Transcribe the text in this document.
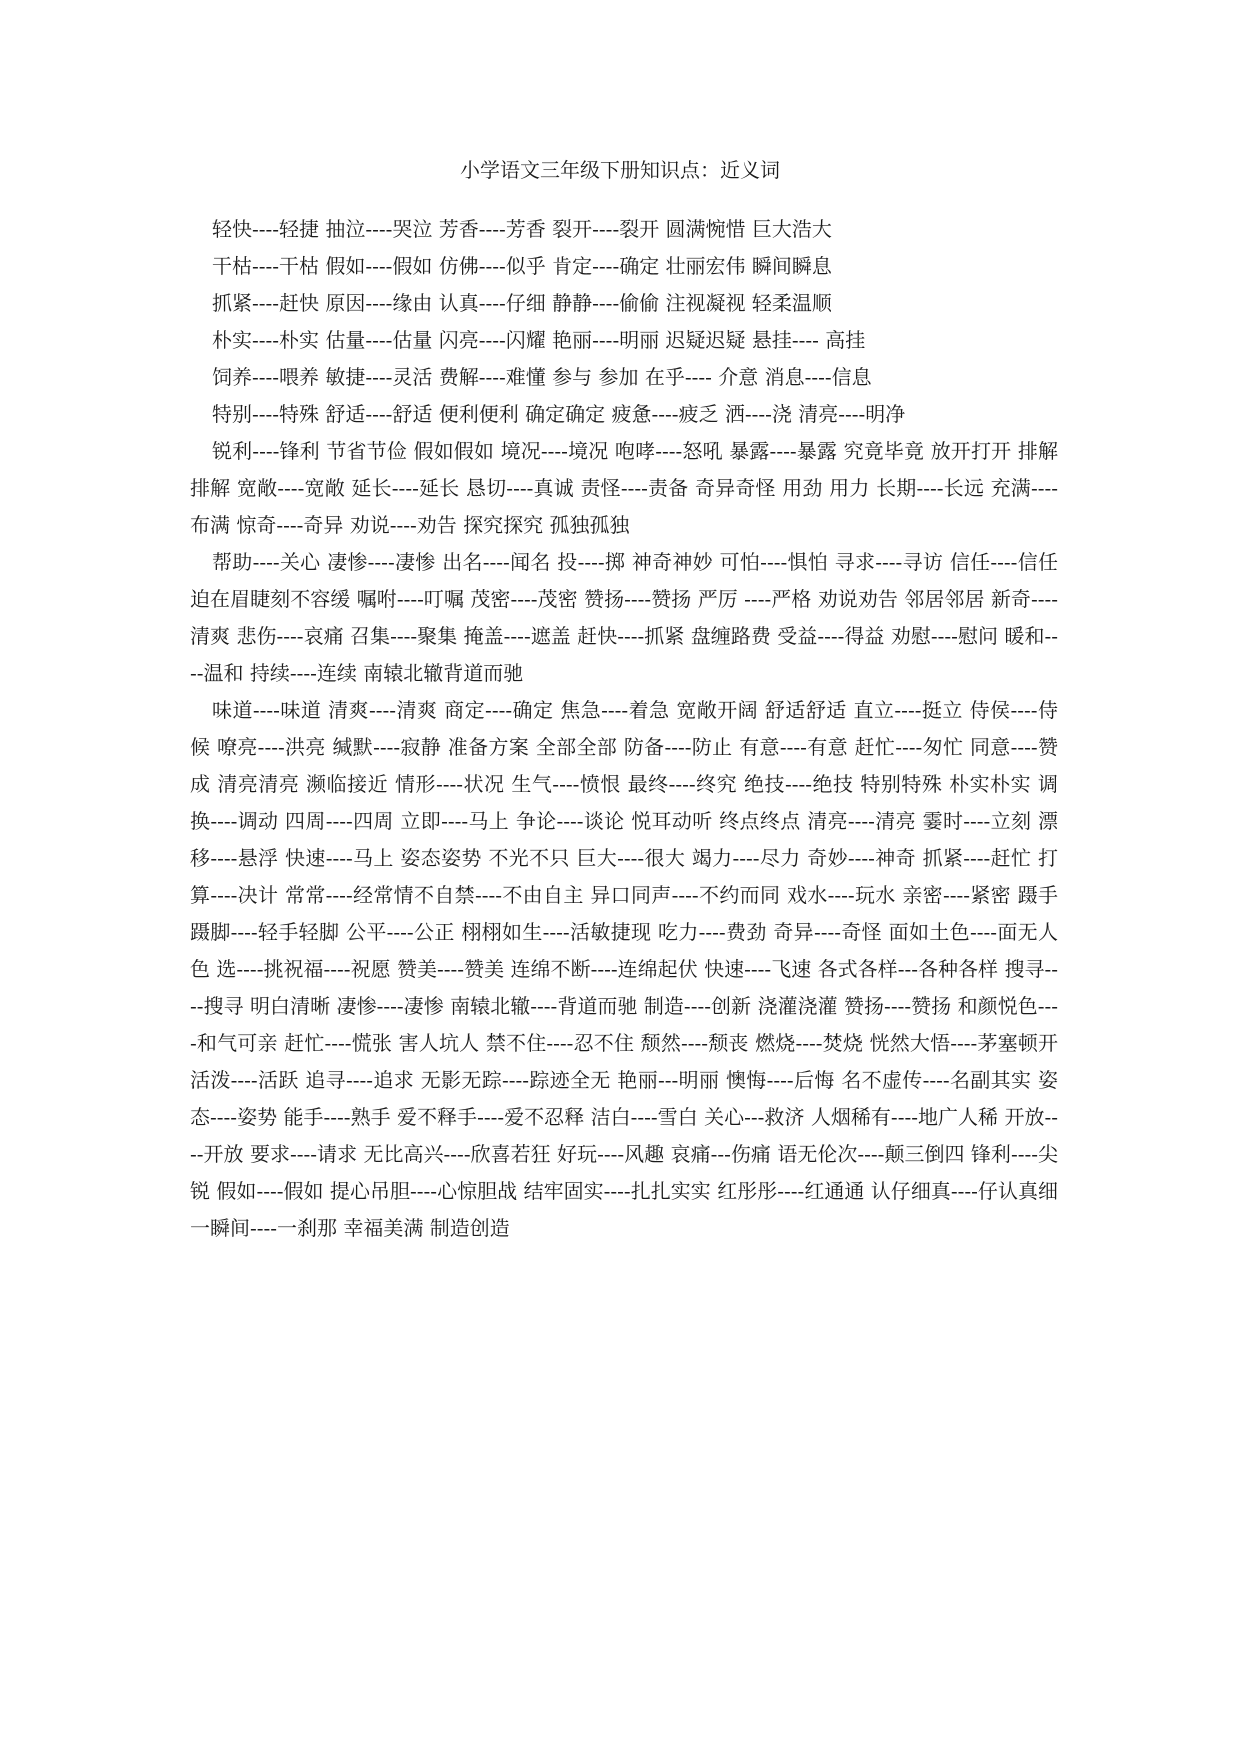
小学语文三年级下册知识点：近义词

轻快----轻捷 抽泣----哭泣 芳香----芳香 裂开----裂开 圆满惋惜 巨大浩大

干枯----干枯 假如----假如 仿佛----似乎 肯定----确定 壮丽宏伟 瞬间瞬息

抓紧----赶快 原因----缘由 认真----仔细 静静----偷偷 注视凝视 轻柔温顺

朴实----朴实 估量----估量 闪亮----闪耀 艳丽----明丽 迟疑迟疑 悬挂---- 高挂

饲养----喂养 敏捷----灵活 费解----难懂 参与 参加 在乎---- 介意 消息----信息

特别----特殊 舒适----舒适 便利便利 确定确定 疲惫----疲乏 洒----浇 清亮----明净

锐利----锋利 节省节俭 假如假如 境况----境况 咆哮----怒吼 暴露----暴露 究竟毕竟 放开打开 排解排解 宽敞----宽敞 延长----延长 恳切----真诚 责怪----责备 奇异奇怪 用劲 用力 长期----长远 充满----布满 惊奇----奇异 劝说----劝告 探究探究 孤独孤独

帮助----关心 凄惨----凄惨 出名----闻名 投----掷 神奇神妙 可怕----惧怕 寻求----寻访 信任----信任 迫在眉睫刻不容缓 嘱咐----叮嘱 茂密----茂密 赞扬----赞扬 严厉 ----严格 劝说劝告 邻居邻居 新奇----清爽 悲伤----哀痛 召集----聚集 掩盖----遮盖 赶快----抓紧 盘缠路费 受益----得益 劝慰----慰问 暖和----温和 持续----连续 南辕北辙背道而驰

味道----味道 清爽----清爽 商定----确定 焦急----着急 宽敞开阔 舒适舒适 直立----挺立 侍侯----侍候 嘹亮----洪亮 缄默----寂静 准备方案 全部全部 防备----防止 有意----有意 赶忙----匆忙 同意----赞成 清亮清亮 濒临接近 情形----状况 生气----愤恨 最终----终究 绝技----绝技 特别特殊 朴实朴实 调换----调动 四周----四周 立即----马上 争论----谈论 悦耳动听 终点终点 清亮----清亮 霎时----立刻 漂移----悬浮 快速----马上 姿态姿势 不光不只 巨大----很大 竭力----尽力 奇妙----神奇 抓紧----赶忙 打算----决计 常常----经常情不自禁----不由自主 异口同声----不约而同 戏水----玩水 亲密----紧密 蹑手蹑脚----轻手轻脚 公平----公正 栩栩如生----活敏捷现 吃力----费劲 奇异----奇怪 面如土色----面无人色 选----挑祝福----祝愿 赞美----赞美 连绵不断----连绵起伏 快速----飞速 各式各样---各种各样 搜寻----搜寻 明白清晰 凄惨----凄惨 南辕北辙----背道而驰 制造----创新 浇灌浇灌 赞扬----赞扬 和颜悦色----和气可亲 赶忙----慌张 害人坑人 禁不住----忍不住 颓然----颓丧 燃烧----焚烧 恍然大悟----茅塞顿开 活泼----活跃 追寻----追求 无影无踪----踪迹全无 艳丽---明丽 懊悔----后悔 名不虚传----名副其实 姿态----姿势 能手----熟手 爱不释手----爱不忍释 洁白----雪白 关心---救济 人烟稀有----地广人稀 开放----开放 要求----请求 无比高兴----欣喜若狂 好玩----风趣 哀痛---伤痛 语无伦次----颠三倒四 锋利----尖锐 假如----假如 提心吊胆----心惊胆战 结牢固实----扎扎实实 红彤彤----红通通 认仔细真----仔认真细 一瞬间----一刹那 幸福美满 制造创造
